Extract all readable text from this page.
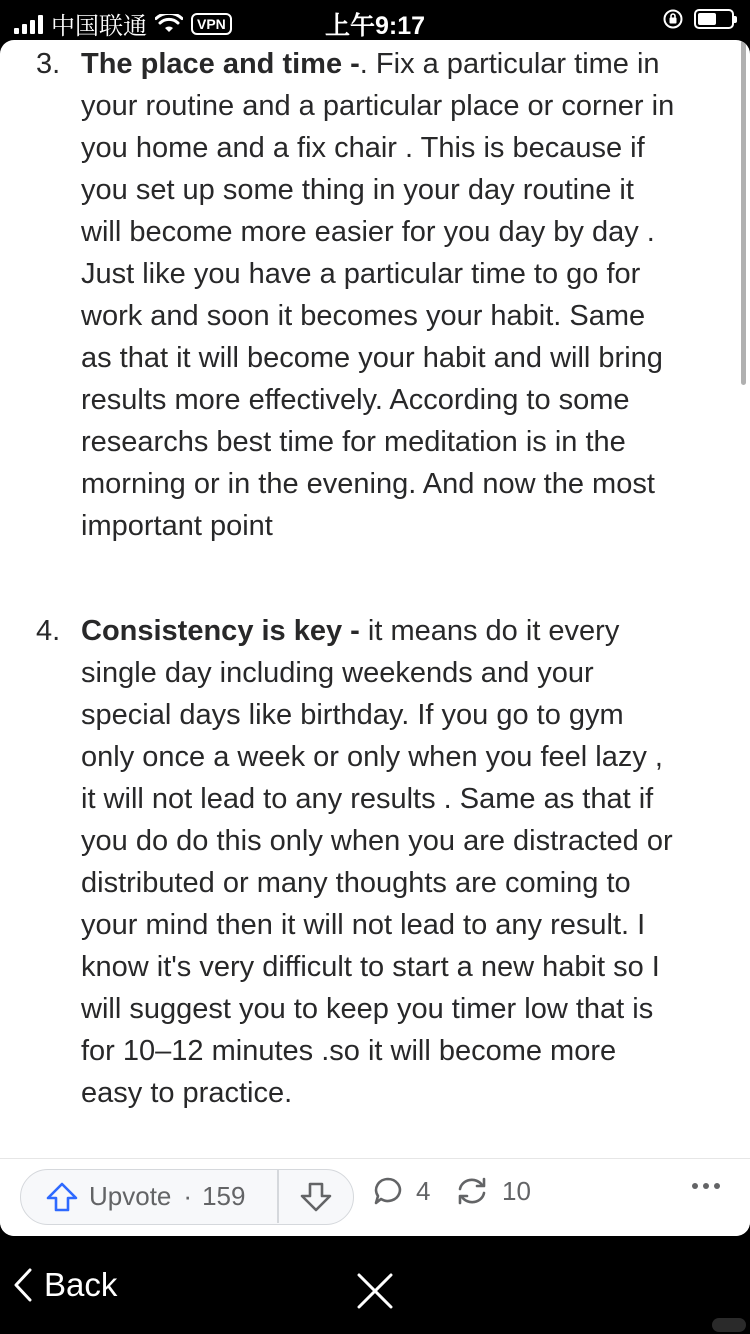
中国联通	VPN	上午9:17
3. The place and time -. Fix a particular time in your routine and a particular place or corner in you home and a fix chair . This is because if you set up some thing in your day routine it will become more easier for you day by day . Just like you have a particular time to go for work and soon it becomes your habit. Same as that it will become your habit and will bring results more effectively. According to some researchs best time for meditation is in the morning or in the evening. And now the most important point
4. Consistency is key - it means do it every single day including weekends and your special days like birthday. If you go to gym only once a week or only when you feel lazy , it will not lead to any results . Same as that if you do do this only when you are distracted or distributed or many thoughts are coming to your mind then it will not lead to any result. I know it's very difficult to start a new habit so I will suggest you to keep you timer low that is for 10–12 minutes .so it will become more easy to practice.
Upvote · 159	4	10
Back
